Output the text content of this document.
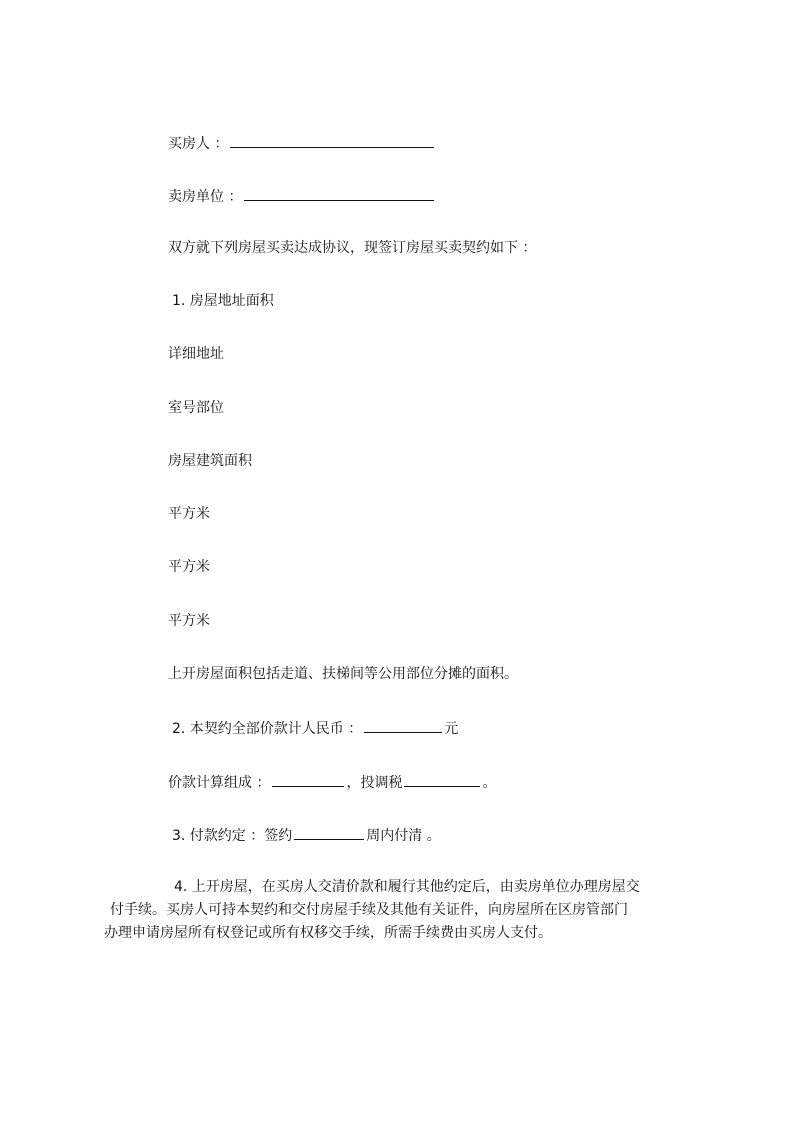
买房人 ：
卖房单位 ：
双方就下列房屋买卖达成协议，现签订房屋买卖契约如下 ：
1. 房屋地址面积
详细地址
室号部位
房屋建筑面积
平方米
平方米
平方米
上开房屋面积包括走道、扶梯间等公用部位分摊的面积。
2. 本契约全部价款计人民币 ：	元
价款计算组成 ：	，投调税	。
3. 付款约定 ：签约	周内付清 。
4. 上开房屋，在买房人交清价款和履行其他约定后，由卖房单位办理房屋交
付手续。买房人可持本契约和交付房屋手续及其他有关证件，向房屋所在区房管部门
办理申请房屋所有权登记或所有权移交手续，所需手续费由买房人支付。
